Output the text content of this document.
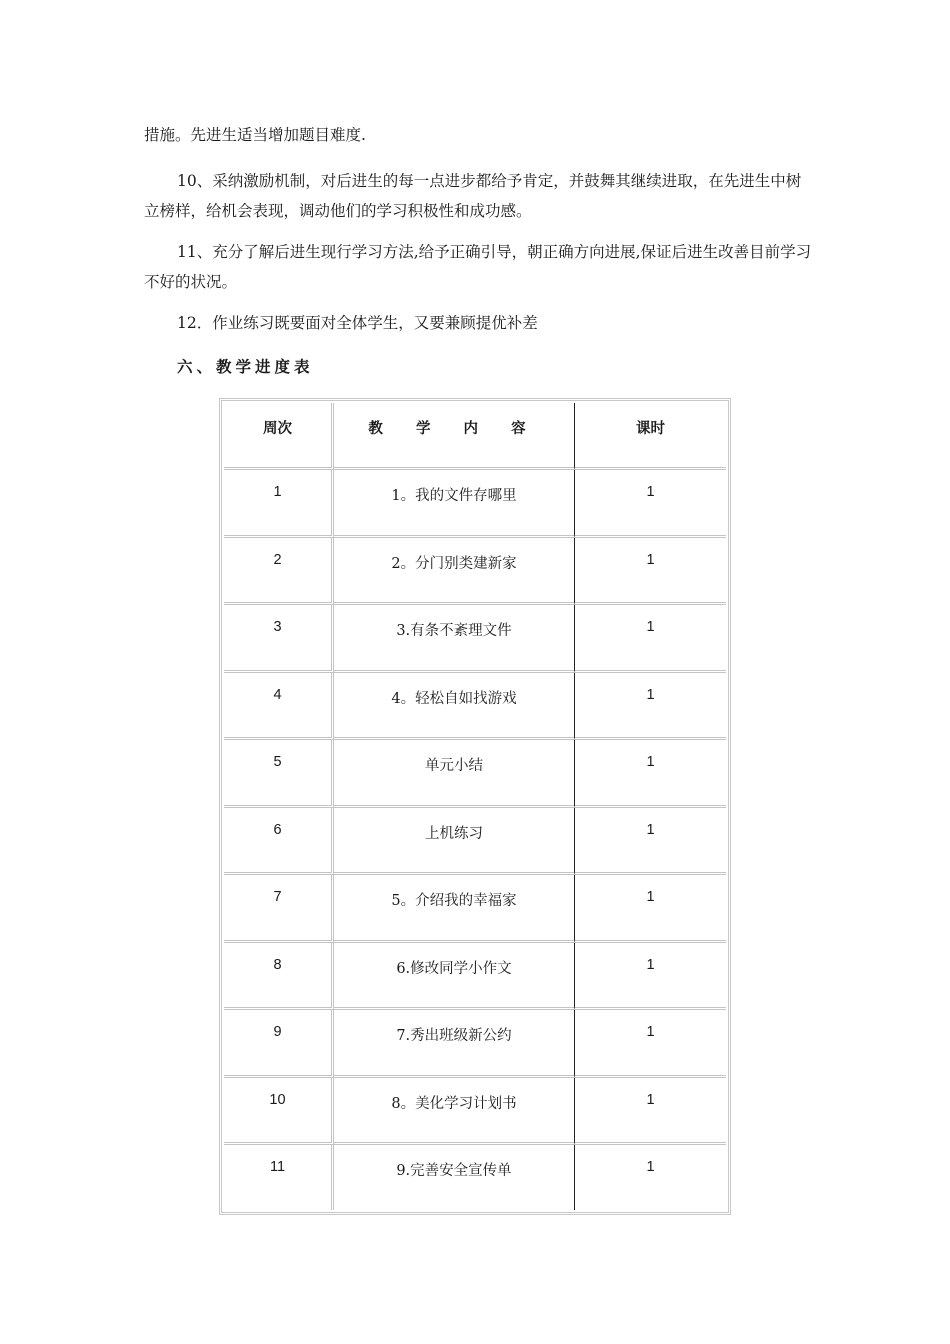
措施。先进生适当增加题目难度.

10、采纳激励机制，对后进生的每一点进步都给予肯定，并鼓舞其继续进取，在先进生中树立榜样，给机会表现，调动他们的学习积极性和成功感。

11、充分了解后进生现行学习方法,给予正确引导，朝正确方向进展,保证后进生改善目前学习不好的状况。

12．作业练习既要面对全体学生，又要兼顾提优补差

六、教学进度表

周次	教 学 内 容	课时
1	1。我的文件存哪里	1
2	2。分门别类建新家	1
3	3.有条不紊理文件	1
4	4。轻松自如找游戏	1
5	单元小结	1
6	上机练习	1
7	5。介绍我的幸福家	1
8	6.修改同学小作文	1
9	7.秀出班级新公约	1
10	8。美化学习计划书	1
11	9.完善安全宣传单	1
